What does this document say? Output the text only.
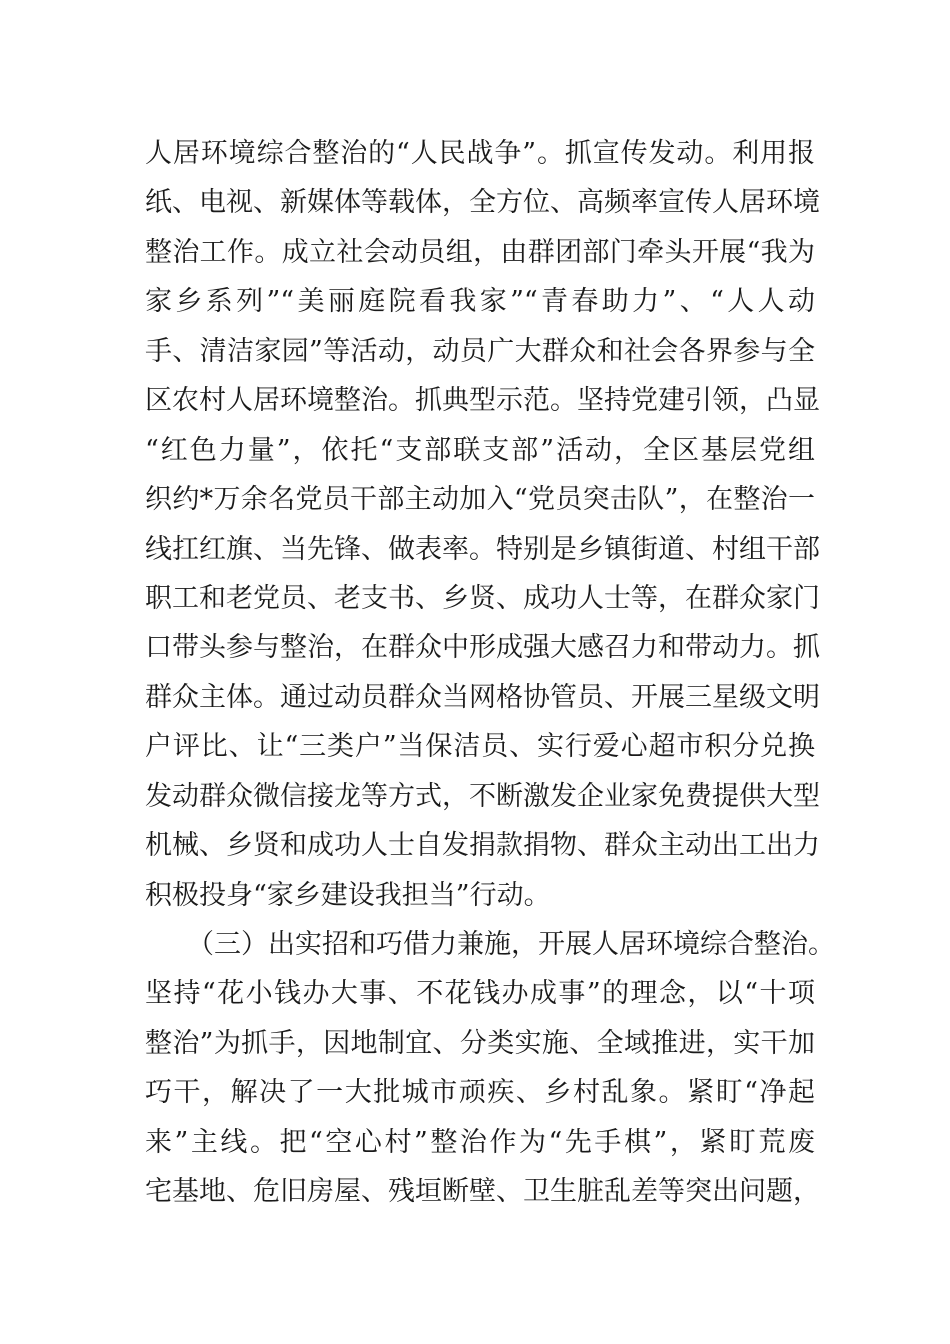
人居环境综合整治的“人民战争”。抓宣传发动。利用报
纸、电视、新媒体等载体，全方位、高频率宣传人居环境
整治工作。成立社会动员组，由群团部门牵头开展“我为
家乡系列”“美丽庭院看我家”“青春助力”、“人人动
手、清洁家园”等活动，动员广大群众和社会各界参与全
区农村人居环境整治。抓典型示范。坚持党建引领，凸显
“红色力量”，依托“支部联支部”活动，全区基层党组
织约*万余名党员干部主动加入“党员突击队”，在整治一
线扛红旗、当先锋、做表率。特别是乡镇街道、村组干部
职工和老党员、老支书、乡贤、成功人士等，在群众家门
口带头参与整治，在群众中形成强大感召力和带动力。抓
群众主体。通过动员群众当网格协管员、开展三星级文明
户评比、让“三类户”当保洁员、实行爱心超市积分兑换
发动群众微信接龙等方式，不断激发企业家免费提供大型
机械、乡贤和成功人士自发捐款捐物、群众主动出工出力
积极投身“家乡建设我担当”行动。
（三）出实招和巧借力兼施，开展人居环境综合整治。
坚持“花小钱办大事、不花钱办成事”的理念，以“十项
整治”为抓手，因地制宜、分类实施、全域推进，实干加
巧干，解决了一大批城市顽疾、乡村乱象。紧盯“净起
来”主线。把“空心村”整治作为“先手棋”，紧盯荒废
宅基地、危旧房屋、残垣断壁、卫生脏乱差等突出问题，
